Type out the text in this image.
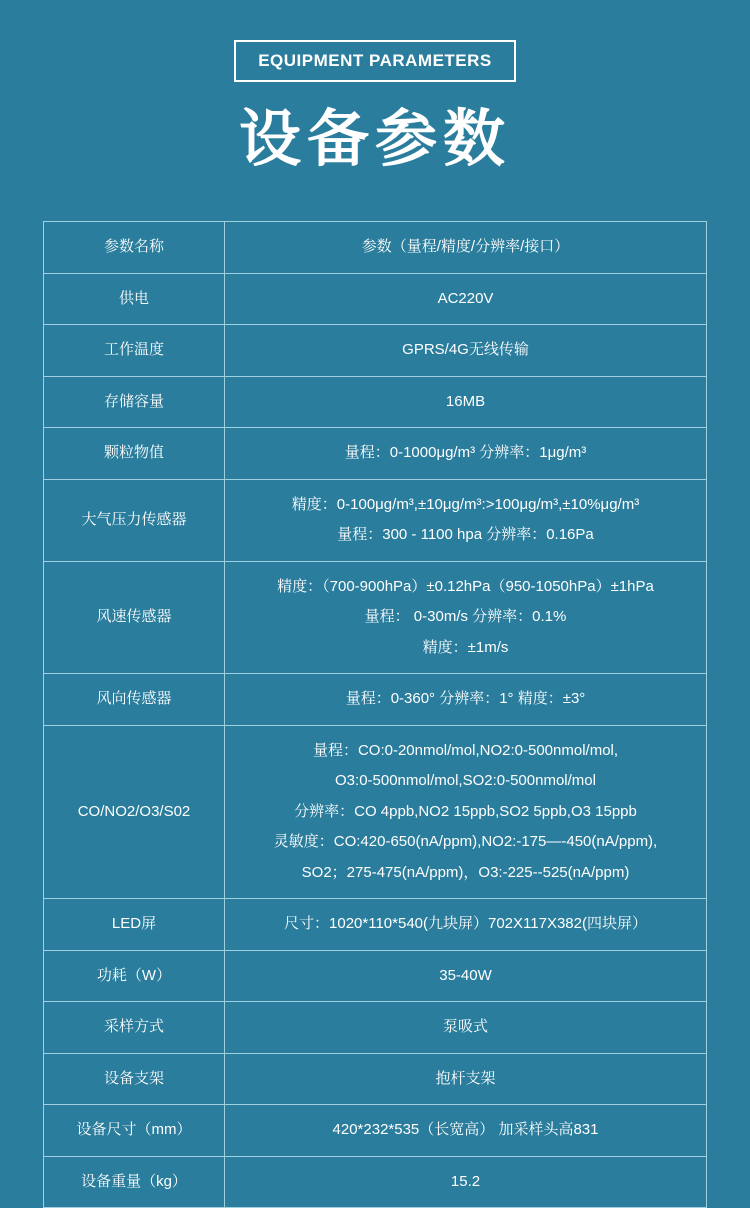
EQUIPMENT PARAMETERS
设备参数
参数名称	参数（量程/精度/分辨率/接口）

供电	AC220V

工作温度	GPRS/4G无线传输

存储容量	16MB

颗粒物值	量程：0-1000μg/m³ 分辨率：1μg/m³

大气压力传感器	精度：0-100μg/m³,±10μg/m³:>100μg/m³,±10%μg/m³
量程：300 - 1100 hpa 分辨率：0.16Pa

风速传感器	精度：（700-900hPa）±0.12hPa（950-1050hPa）±1hPa
量程： 0-30m/s 分辨率：0.1%
精度：±1m/s

风向传感器	量程：0-360° 分辨率：1° 精度：±3°

CO/NO2/O3/S02	量程：CO:0-20nmol/mol,NO2:0-500nmol/mol,
O3:0-500nmol/mol,SO2:0-500nmol/mol
分辨率：CO 4ppb,NO2 15ppb,SO2 5ppb,O3 15ppb
灵敏度：CO:420-650(nA/ppm),NO2:-175—-450(nA/ppm),
SO2；275-475(nA/ppm)，O3:-225--525(nA/ppm)

LED屏	尺寸：1020*110*540(九块屏）702X117X382(四块屏）

功耗（W）	35-40W

采样方式	泵吸式

设备支架	抱杆支架

设备尺寸（mm）	420*232*535（长宽高） 加采样头高831

设备重量（kg）	15.2
